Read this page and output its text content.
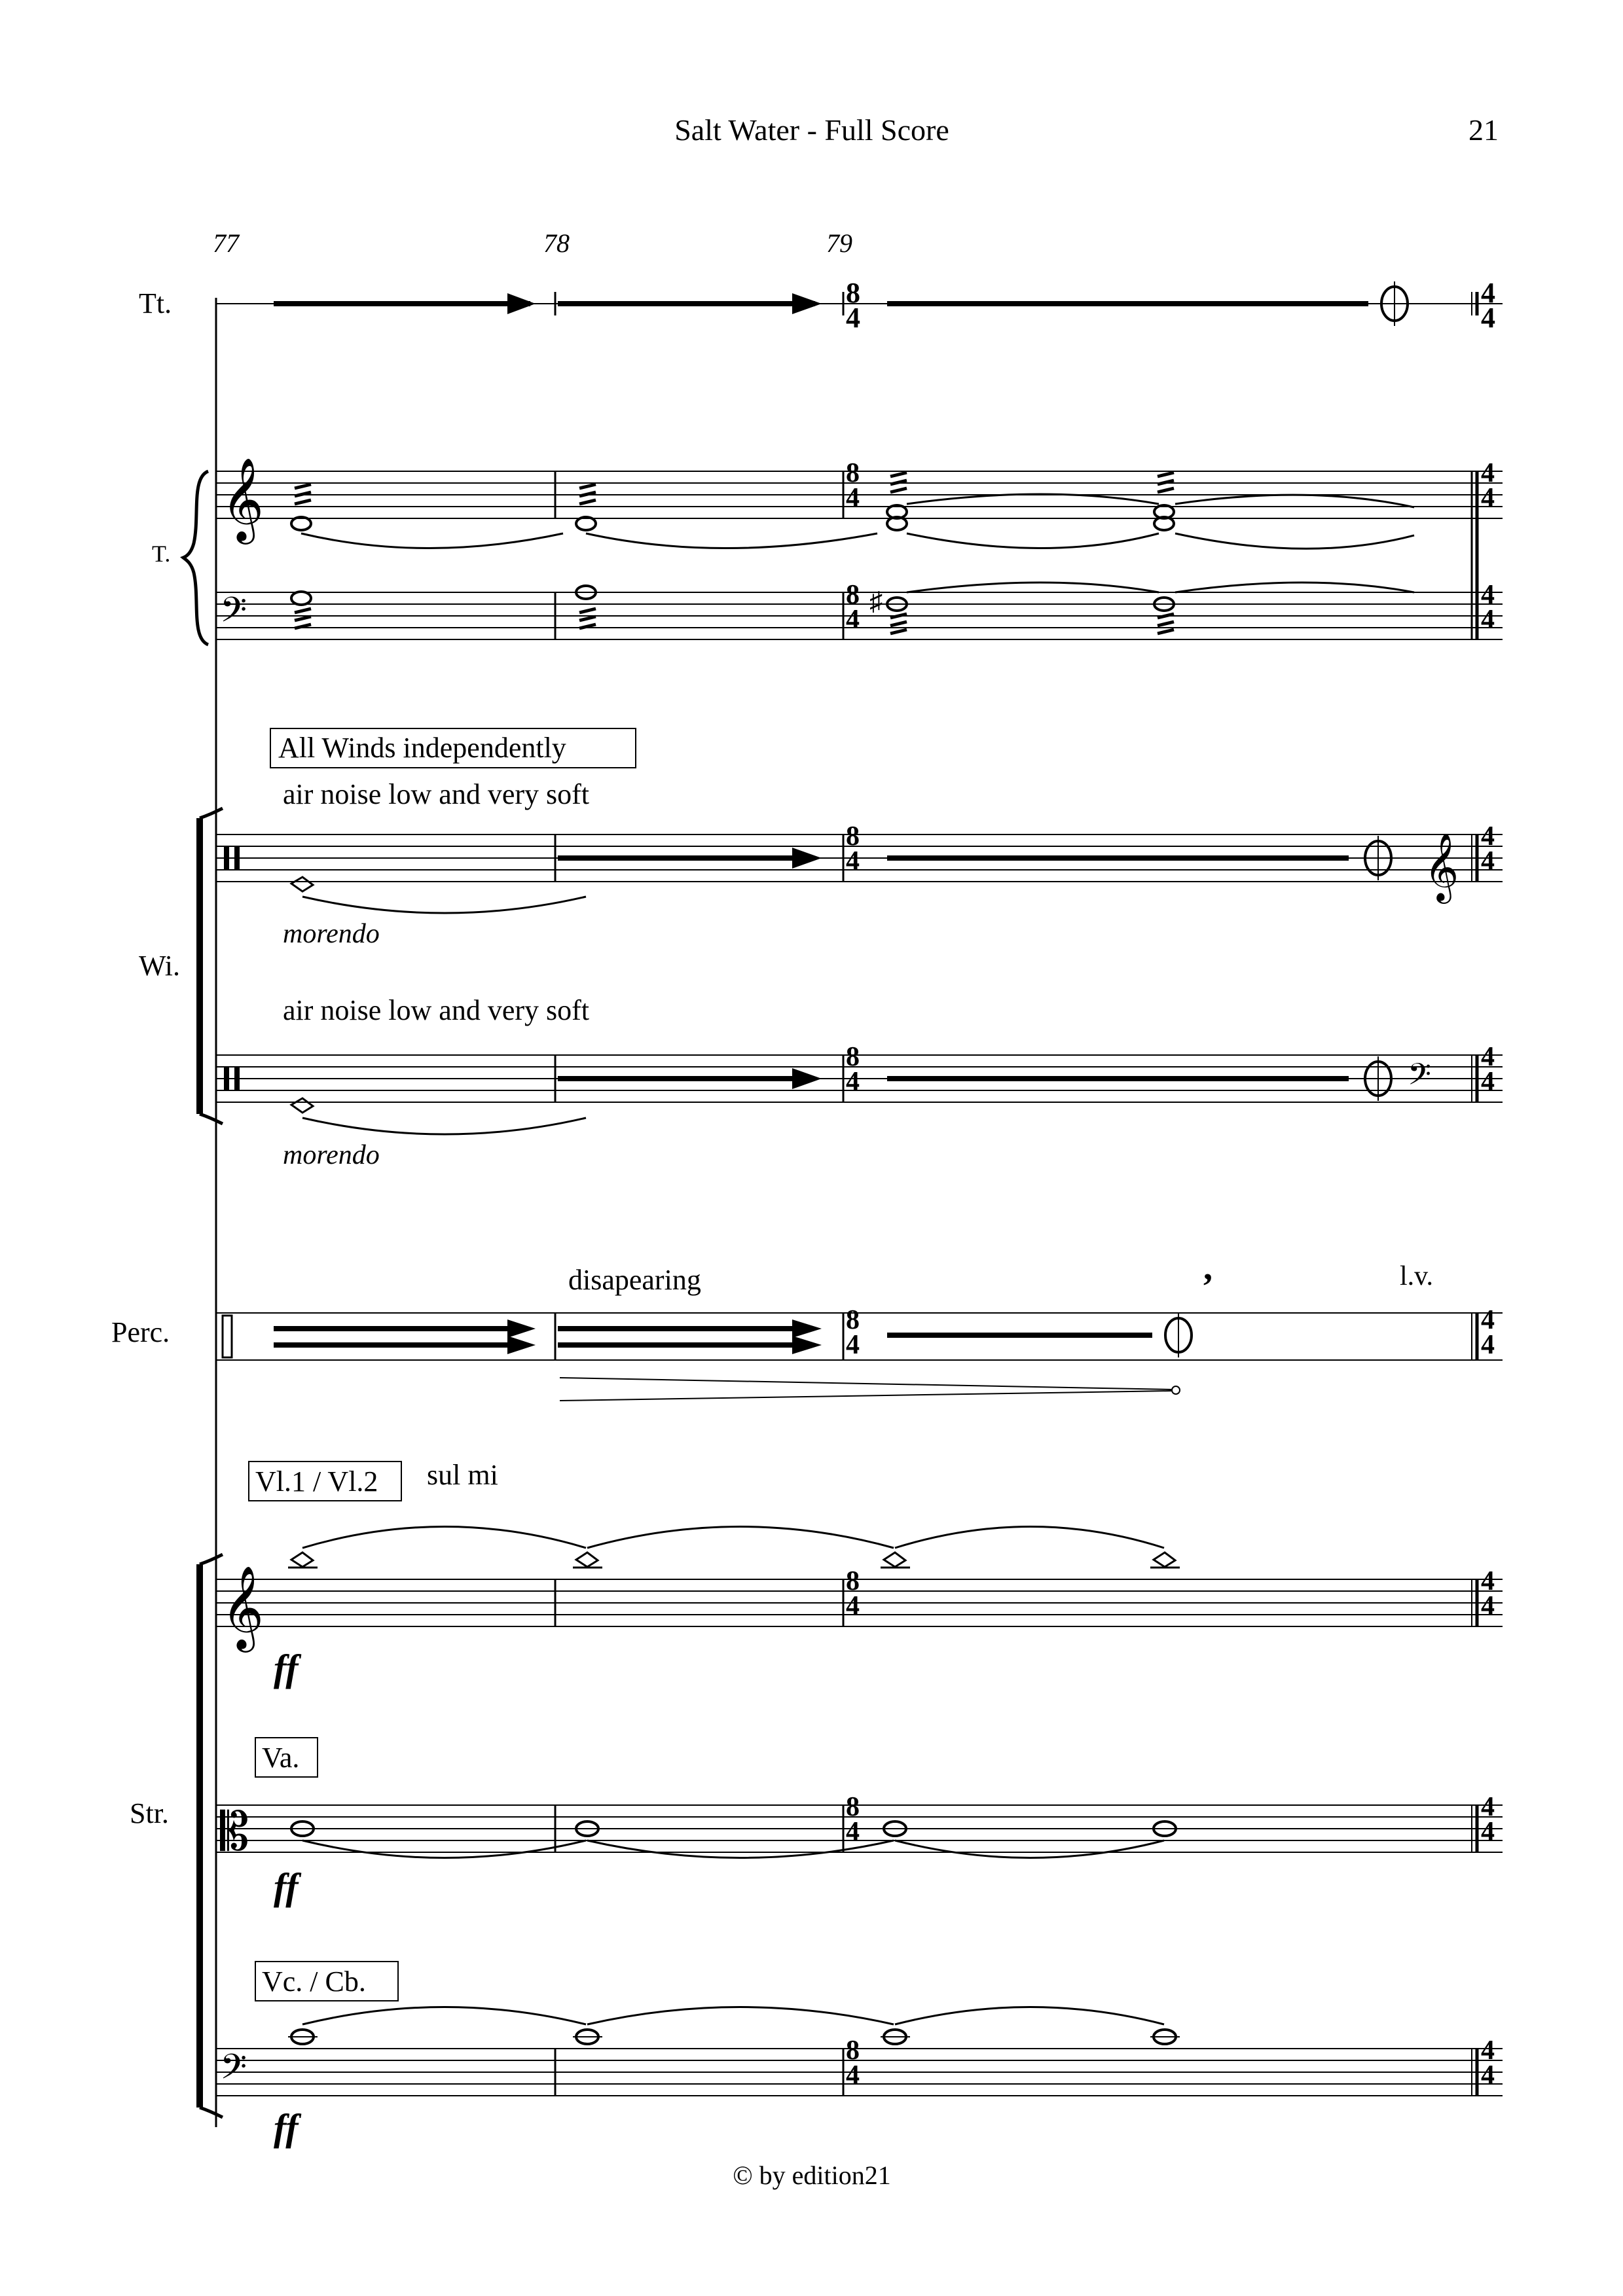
Salt Water - Full Score	21
77	78	79
Tt.	8
4
4
4
T.
𝄞
𝄢	♯
8
4
8
4
4
4
4
4
All Winds independently
air noise low and very soft
air noise low and very soft
Wi.
morendo
8
4	𝄞 4
4
morendo
8
4	𝄢
4
4
Perc.
disapearing	,	l.v.
8
4
4
4
Str.
Vl.1 / Vl.2 sul mi
𝄞
ff
8
4
4
4
Va.
𝄡
ff
8
4
4
4
Vc. / Cb.
𝄢
ff
8
4
4
4
© by edition21
